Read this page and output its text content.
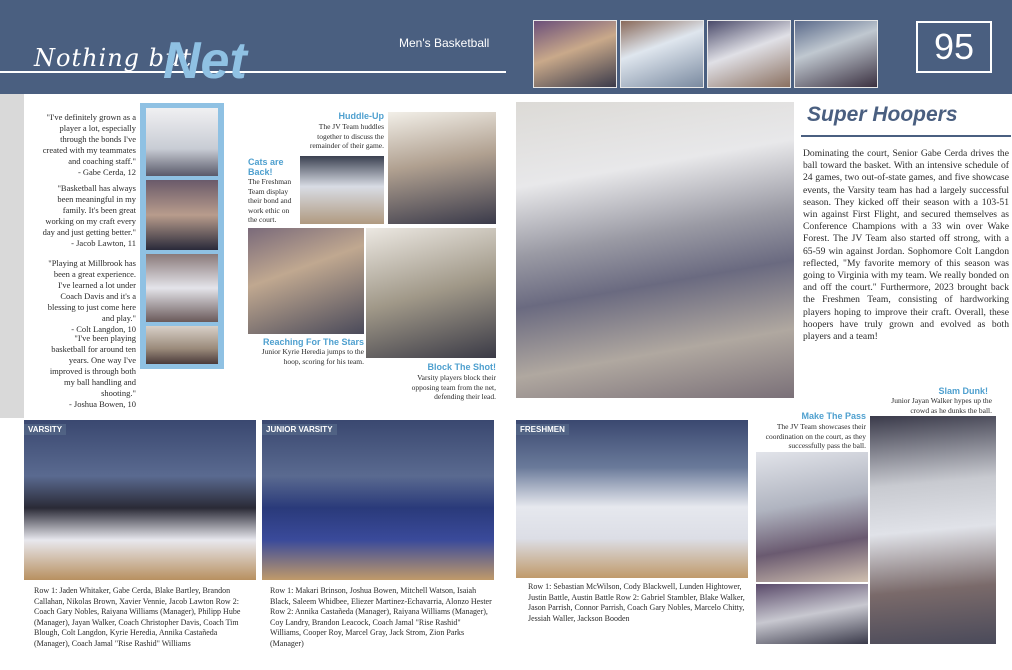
Nothing but
Net	Men's Basketball	95
"I've definitely grown as a player a lot, especially through the bonds I've created with my teammates and coaching staff."
- Gabe Cerda, 12
"Basketball has always been meaningful in my family. It's been great working on my craft every day and just getting better."
- Jacob Lawton, 11
"Playing at Millbrook has been a great experience. I've learned a lot under Coach Davis and it's a blessing to just come here and play."
- Colt Langdon, 10
"I've been playing basketball for around ten years. One way I've improved is through both my ball handling and shooting."
- Joshua Bowen, 10
Huddle-Up
The JV Team huddles together to discuss the remainder of their game.
Cats are Back!
The Freshman Team display their bond and work ethic on the court.
Reaching For The Stars
Junior Kyrie Heredia jumps to the hoop, scoring for his team.
Block The Shot!
Varsity players block their opposing team from the net, defending their lead.
Super Hoopers
Dominating the court, Senior Gabe Cerda drives the ball toward the basket. With an intensive schedule of 24 games, two out-of-state games, and five showcase events, the Varsity team has had a largely successful season. They kicked off their season with a 103-51 win against First Flight, and secured themselves as Conference Champions with a 33 win over Wake Forest. The JV Team also started off strong, with a 65-59 win against Jordan. Sophomore Colt Langdon reflected, "My favorite memory of this season was going to Virginia with my team. We really bonded on and off the court." Furthermore, 2023 brought back the Freshmen Team, consisting of hardworking players hoping to improve their craft. Overall, these hoopers have truly grown and evolved as both players and a team!
VARSITY	JUNIOR VARSITY	FRESHMEN
Row 1: Jaden Whitaker, Gabe Cerda, Blake Bartley, Brandon Callahan, Nikolas Brown, Xavier Vennie, Jacob Lawton Row 2: Coach Gary Nobles, Raiyana Williams (Manager), Philipp Hube (Manager), Jayan Walker, Coach Christopher Davis, Coach Tim Blough, Colt Langdon, Kyrie Heredia, Annika Castañeda (Manager), Coach Jamal "Rise Rashid" Williams
Row 1: Makari Brinson, Joshua Bowen, Mitchell Watson, Isaiah Black, Saleem Whidbee, Eliezer Martinez-Echavarria, Alonzo Hester Row 2: Annika Castañeda (Manager), Raiyana Williams (Manager), Coy Landry, Brandon Leacock, Coach Jamal "Rise Rashid" Williams, Cooper Roy, Marcel Gray, Jack Strom, Zion Parks (Manager)
Row 1: Sebastian McWilson, Cody Blackwell, Lunden Hightower, Justin Battle, Austin Battle Row 2: Gabriel Stambler, Blake Walker, Jason Parrish, Connor Parrish, Coach Gary Nobles, Marcelo Chitty, Jessiah Waller, Jackson Booden
Slam Dunk!
Junior Jayan Walker hypes up the crowd as he dunks the ball.
Make The Pass
The JV Team showcases their coordination on the court, as they successfully pass the ball.
